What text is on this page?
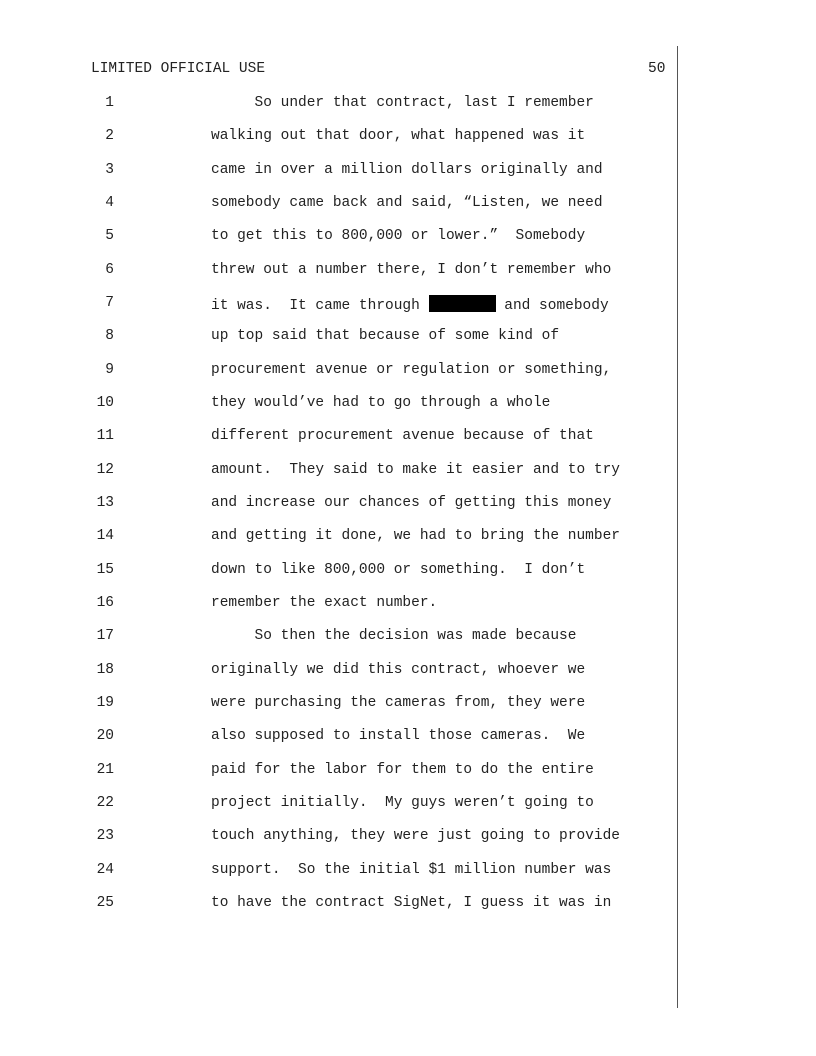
LIMITED OFFICIAL USE	50
1	So under that contract, last I remember
2	walking out that door, what happened was it
3	came in over a million dollars originally and
4	somebody came back and said, “Listen, we need
5	to get this to 800,000 or lower.”  Somebody
6	threw out a number there, I don’t remember who
7	it was.  It came through	and somebody
8	up top said that because of some kind of
9	procurement avenue or regulation or something,
10	they would’ve had to go through a whole
11	different procurement avenue because of that
12	amount.  They said to make it easier and to try
13	and increase our chances of getting this money
14	and getting it done, we had to bring the number
15	down to like 800,000 or something.  I don’t
16	remember the exact number.
17	So then the decision was made because
18	originally we did this contract, whoever we
19	were purchasing the cameras from, they were
20	also supposed to install those cameras.  We
21	paid for the labor for them to do the entire
22	project initially.  My guys weren’t going to
23	touch anything, they were just going to provide
24	support.  So the initial $1 million number was
25	to have the contract SigNet, I guess it was in
